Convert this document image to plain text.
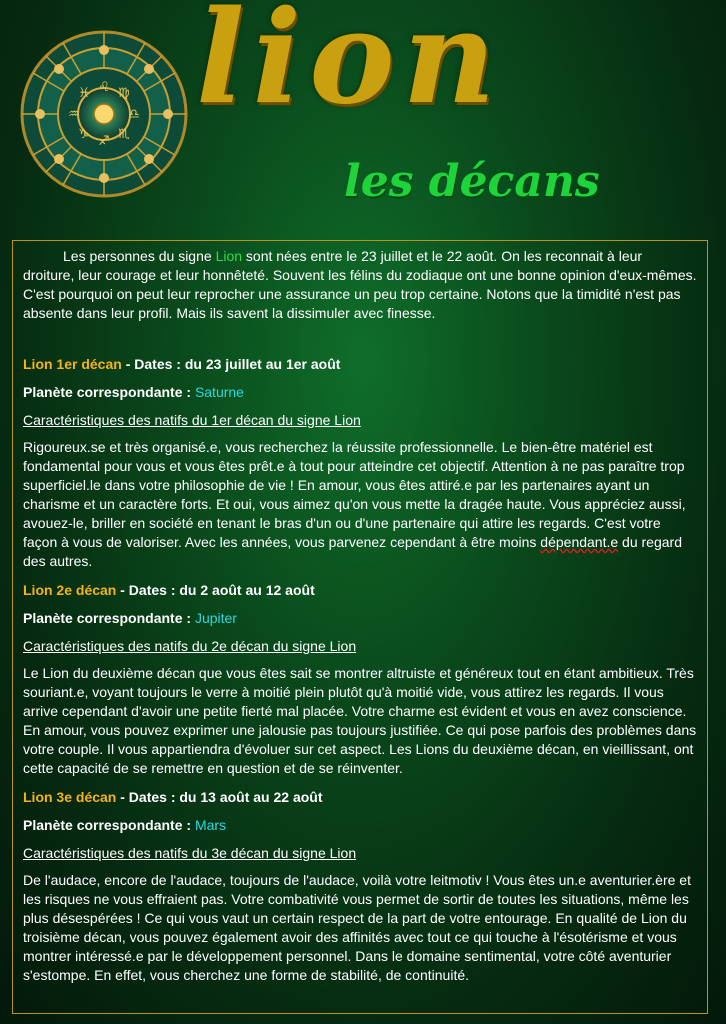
♌ ♍
♎
♏
♐
♑
♒
♓ lion
les décans

Les personnes du signe Lion sont nées entre le 23 juillet et le 22 août. On les reconnait à leur droiture, leur courage et leur honnêteté. Souvent les félins du zodiaque ont une bonne opinion d'eux-mêmes. C'est pourquoi on peut leur reprocher une assurance un peu trop certaine. Notons que la timidité n'est pas absente dans leur profil. Mais ils savent la dissimuler avec finesse.

Lion 1er décan - Dates : du 23 juillet au 1er août

Planète correspondante : Saturne

Caractéristiques des natifs du 1er décan du signe Lion

Rigoureux.se et très organisé.e, vous recherchez la réussite professionnelle. Le bien-être matériel est fondamental pour vous et vous êtes prêt.e à tout pour atteindre cet objectif. Attention à ne pas paraître trop superficiel.le dans votre philosophie de vie ! En amour, vous êtes attiré.e par les partenaires ayant un charisme et un caractère forts. Et oui, vous aimez qu'on vous mette la dragée haute. Vous appréciez aussi, avouez-le, briller en société en tenant le bras d'un ou d'une partenaire qui attire les regards. C'est votre façon à vous de valoriser. Avec les années, vous parvenez cependant à être moins dépendant.e du regard des autres.

Lion 2e décan - Dates : du 2 août au 12 août

Planète correspondante : Jupiter

Caractéristiques des natifs du 2e décan du signe Lion

Le Lion du deuxième décan que vous êtes sait se montrer altruiste et généreux tout en étant ambitieux. Très souriant.e, voyant toujours le verre à moitié plein plutôt qu'à moitié vide, vous attirez les regards. Il vous arrive cependant d'avoir une petite fierté mal placée. Votre charme est évident et vous en avez conscience. En amour, vous pouvez exprimer une jalousie pas toujours justifiée. Ce qui pose parfois des problèmes dans votre couple. Il vous appartiendra d'évoluer sur cet aspect. Les Lions du deuxième décan, en vieillissant, ont cette capacité de se remettre en question et de se réinventer.

Lion 3e décan - Dates : du 13 août au 22 août

Planète correspondante : Mars

Caractéristiques des natifs du 3e décan du signe Lion

De l'audace, encore de l'audace, toujours de l'audace, voilà votre leitmotiv ! Vous êtes un.e aventurier.ère et les risques ne vous effraient pas. Votre combativité vous permet de sortir de toutes les situations, même les plus désespérées ! Ce qui vous vaut un certain respect de la part de votre entourage. En qualité de Lion du troisième décan, vous pouvez également avoir des affinités avec tout ce qui touche à l'ésotérisme et vous montrer intéressé.e par le développement personnel. Dans le domaine sentimental, votre côté aventurier s'estompe. En effet, vous cherchez une forme de stabilité, de continuité.
